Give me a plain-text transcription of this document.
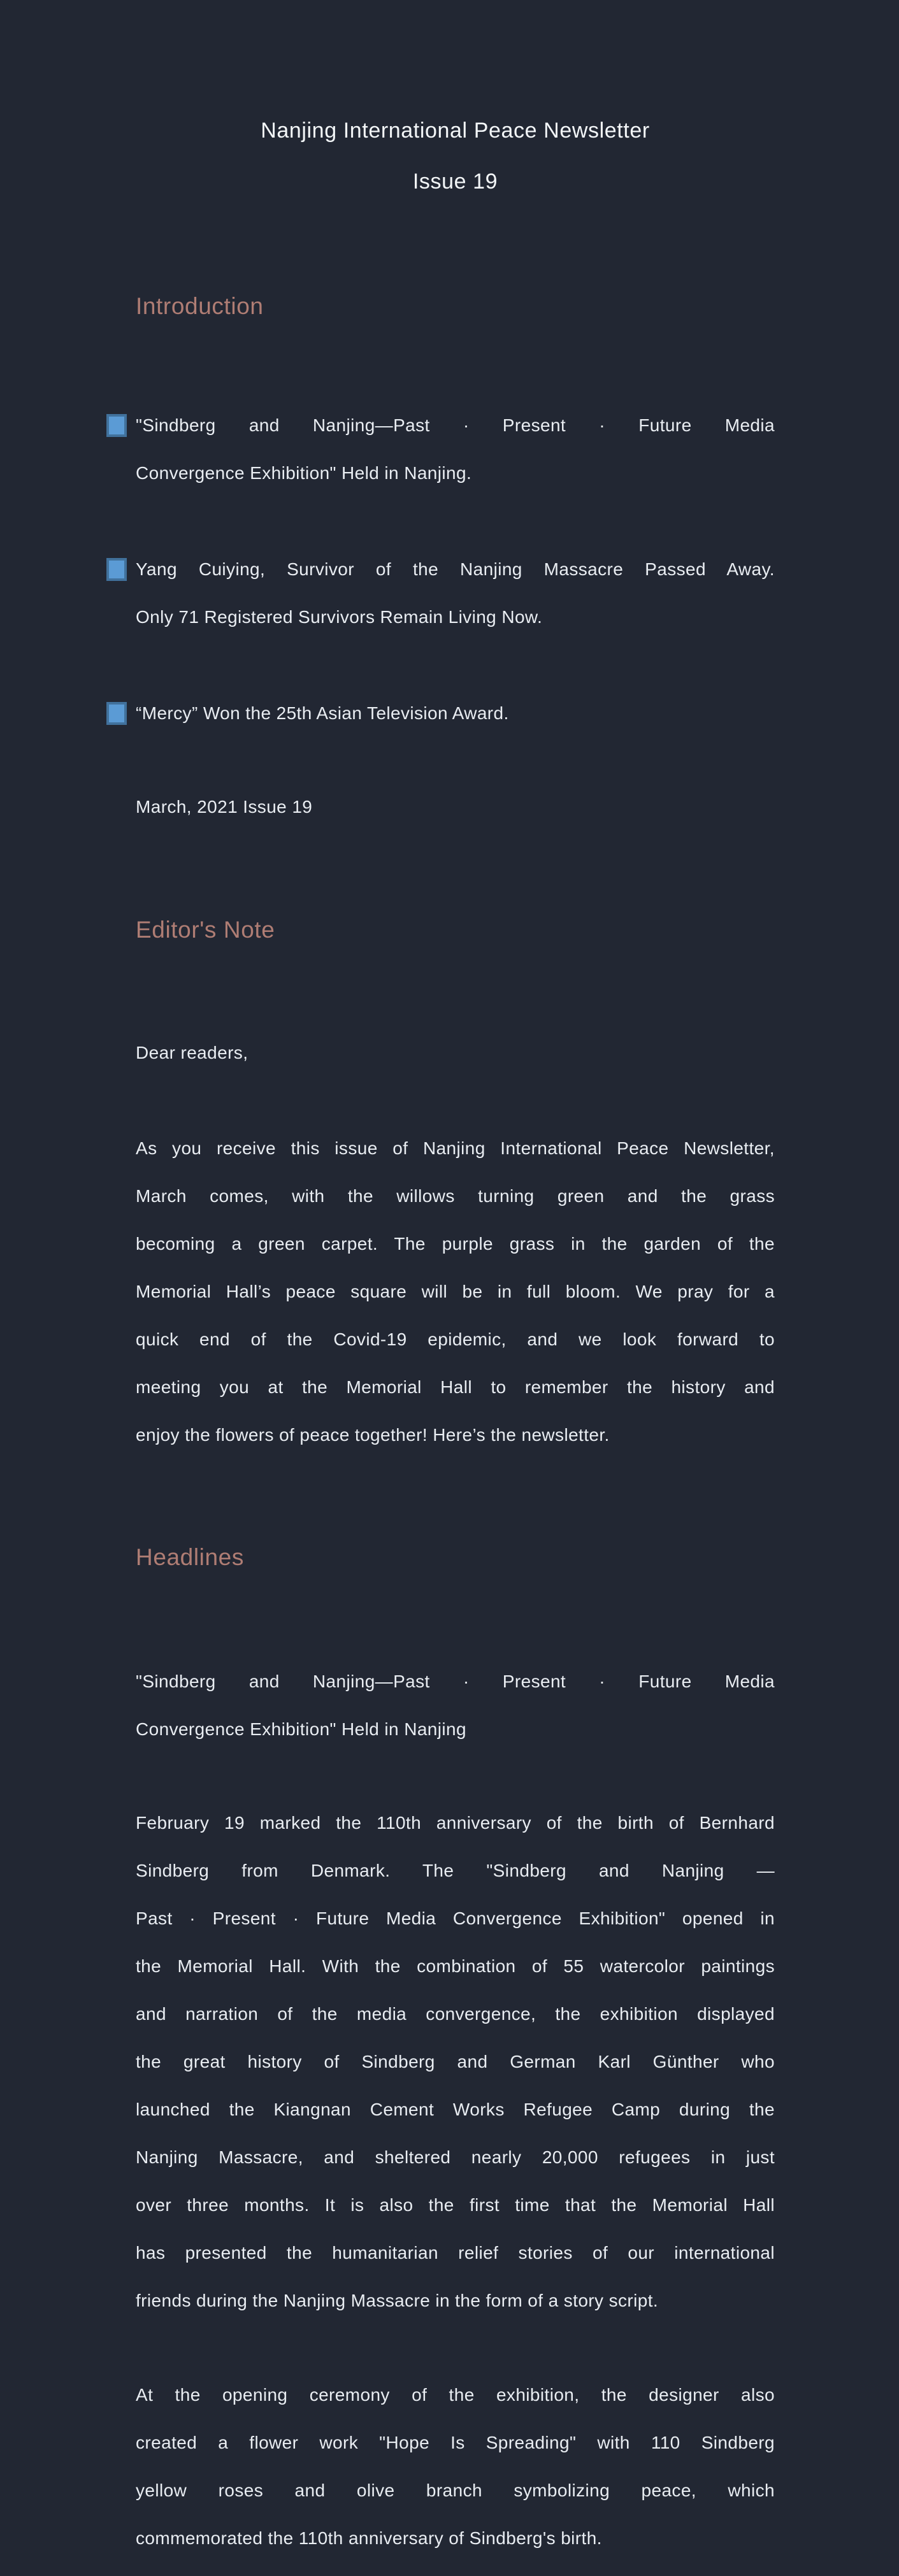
Nanjing International Peace Newsletter
Issue 19
Introduction
"Sindberg and Nanjing—Past · Present · Future Media
Convergence Exhibition" Held in Nanjing.
Yang Cuiying, Survivor of the Nanjing Massacre Passed Away.
Only 71 Registered Survivors Remain Living Now.
“Mercy” Won the 25th Asian Television Award.

March, 2021 Issue 19

Editor's Note

Dear readers,

As you receive this issue of Nanjing International Peace Newsletter,
March comes, with the willows turning green and the grass
becoming a green carpet. The purple grass in the garden of the
Memorial Hall’s peace square will be in full bloom. We pray for a
quick end of the Covid-19 epidemic, and we look forward to
meeting you at the Memorial Hall to remember the history and
enjoy the flowers of peace together! Here’s the newsletter.
Headlines
"Sindberg and Nanjing—Past · Present · Future Media
Convergence Exhibition" Held in Nanjing
February 19 marked the 110th anniversary of the birth of Bernhard
Sindberg from Denmark. The "Sindberg and Nanjing —
Past · Present · Future Media Convergence Exhibition" opened in
the Memorial Hall. With the combination of 55 watercolor paintings
and narration of the media convergence, the exhibition displayed
the great history of Sindberg and German Karl Günther who
launched the Kiangnan Cement Works Refugee Camp during the
Nanjing Massacre, and sheltered nearly 20,000 refugees in just
over three months. It is also the first time that the Memorial Hall
has presented the humanitarian relief stories of our international
friends during the Nanjing Massacre in the form of a story script.
At the opening ceremony of the exhibition, the designer also
created a flower work "Hope Is Spreading" with 110 Sindberg
yellow roses and olive branch symbolizing peace, which
commemorated the 110th anniversary of Sindberg's birth.
